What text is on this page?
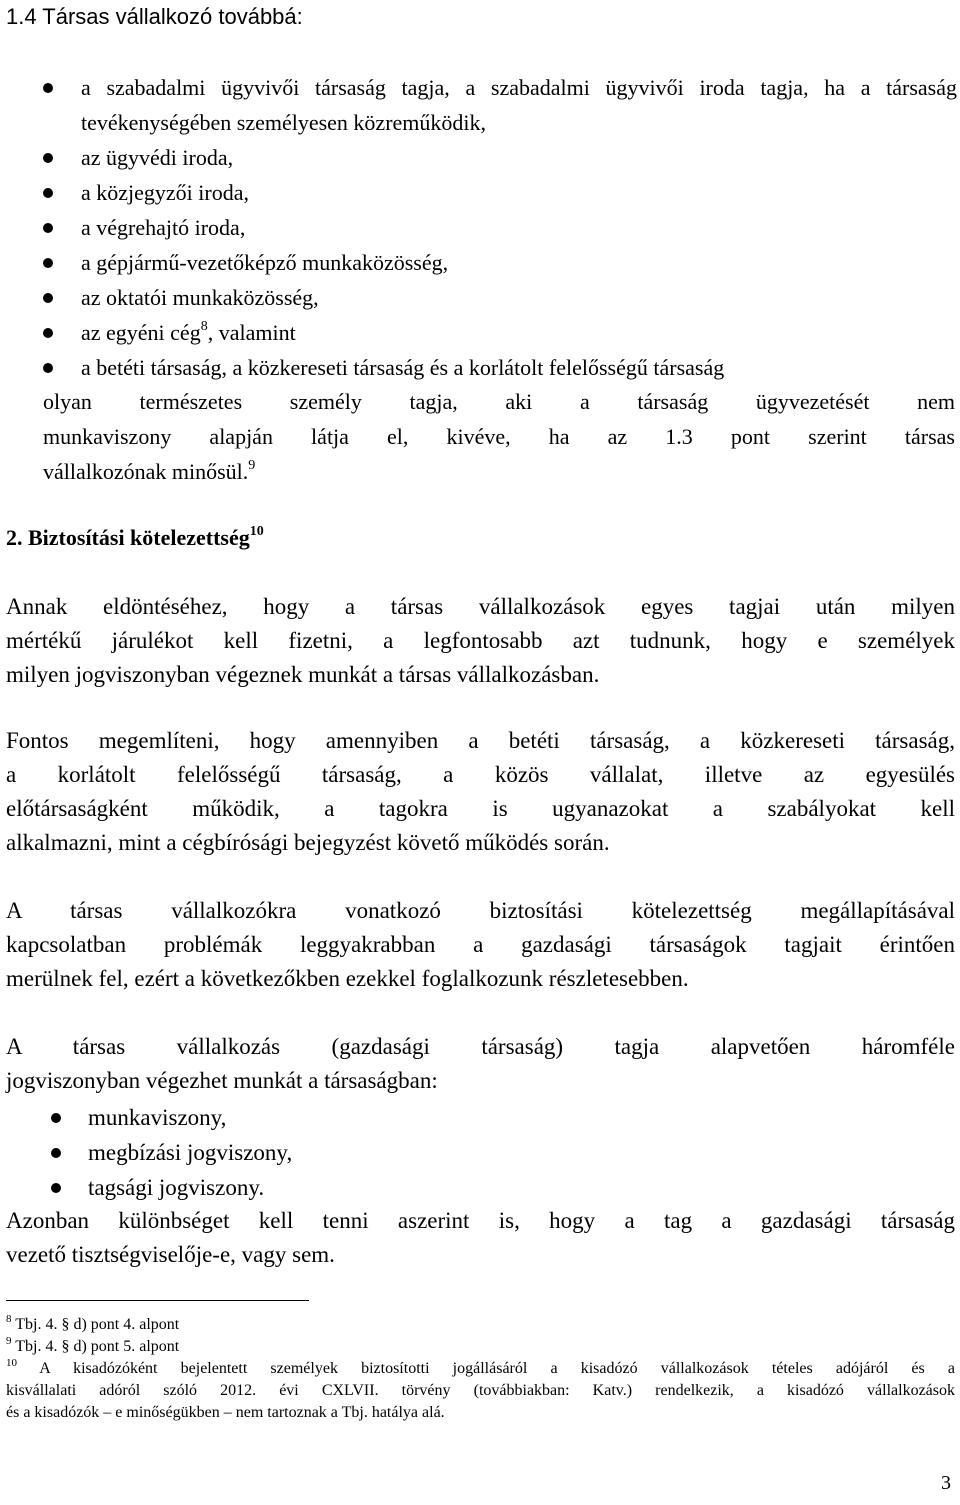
1.4 Társas vállalkozó továbbá:
a szabadalmi ügyvivői társaság tagja, a szabadalmi ügyvivői iroda tagja, ha a társaság tevékenységében személyesen közreműködik,
az ügyvédi iroda,
a közjegyzői iroda,
a végrehajtó iroda,
a gépjármű-vezetőképző munkaközösség,
az oktatói munkaközösség,
az egyéni cég$^8$, valamint
a betéti társaság, a közkereseti társaság és a korlátolt felelősségű társaság

olyan természetes személy tagja, aki a társaság ügyvezetését nem
munkaviszony alapján látja el, kivéve, ha az 1.3 pont szerint társas
vállalkozónak minősül.$^9$

2. Biztosítási kötelezettség$^{10}$

Annak eldöntéséhez, hogy a társas vállalkozások egyes tagjai után milyen
mértékű járulékot kell fizetni, a legfontosabb azt tudnunk, hogy e személyek
milyen jogviszonyban végeznek munkát a társas vállalkozásban.

Fontos megemlíteni, hogy amennyiben a betéti társaság, a közkereseti társaság,
a korlátolt felelősségű társaság, a közös vállalat, illetve az egyesülés
előtársaságként működik, a tagokra is ugyanazokat a szabályokat kell
alkalmazni, mint a cégbírósági bejegyzést követő működés során.

A társas vállalkozókra vonatkozó biztosítási kötelezettség megállapításával
kapcsolatban problémák leggyakrabban a gazdasági társaságok tagjait érintően
merülnek fel, ezért a következőkben ezekkel foglalkozunk részletesebben.

A társas vállalkozás (gazdasági társaság) tagja alapvetően háromféle
jogviszonyban végezhet munkát a társaságban:

munkaviszony,
megbízási jogviszony,
tagsági jogviszony.

Azonban különbséget kell tenni aszerint is, hogy a tag a gazdasági társaság
vezető tisztségviselője-e, vagy sem.

$^8$ Tbj. 4. § d) pont 4. alpont
$^9$ Tbj. 4. § d) pont 5. alpont
$^{10}$ A kisadózóként bejelentett személyek biztosítotti jogállásáról a kisadózó vállalkozások tételes adójáról és a
kisvállalati adóról szóló 2012. évi CXLVII. törvény (továbbiakban: Katv.) rendelkezik, a kisadózó vállalkozások
és a kisadózók – e minőségükben – nem tartoznak a Tbj. hatálya alá.
3
